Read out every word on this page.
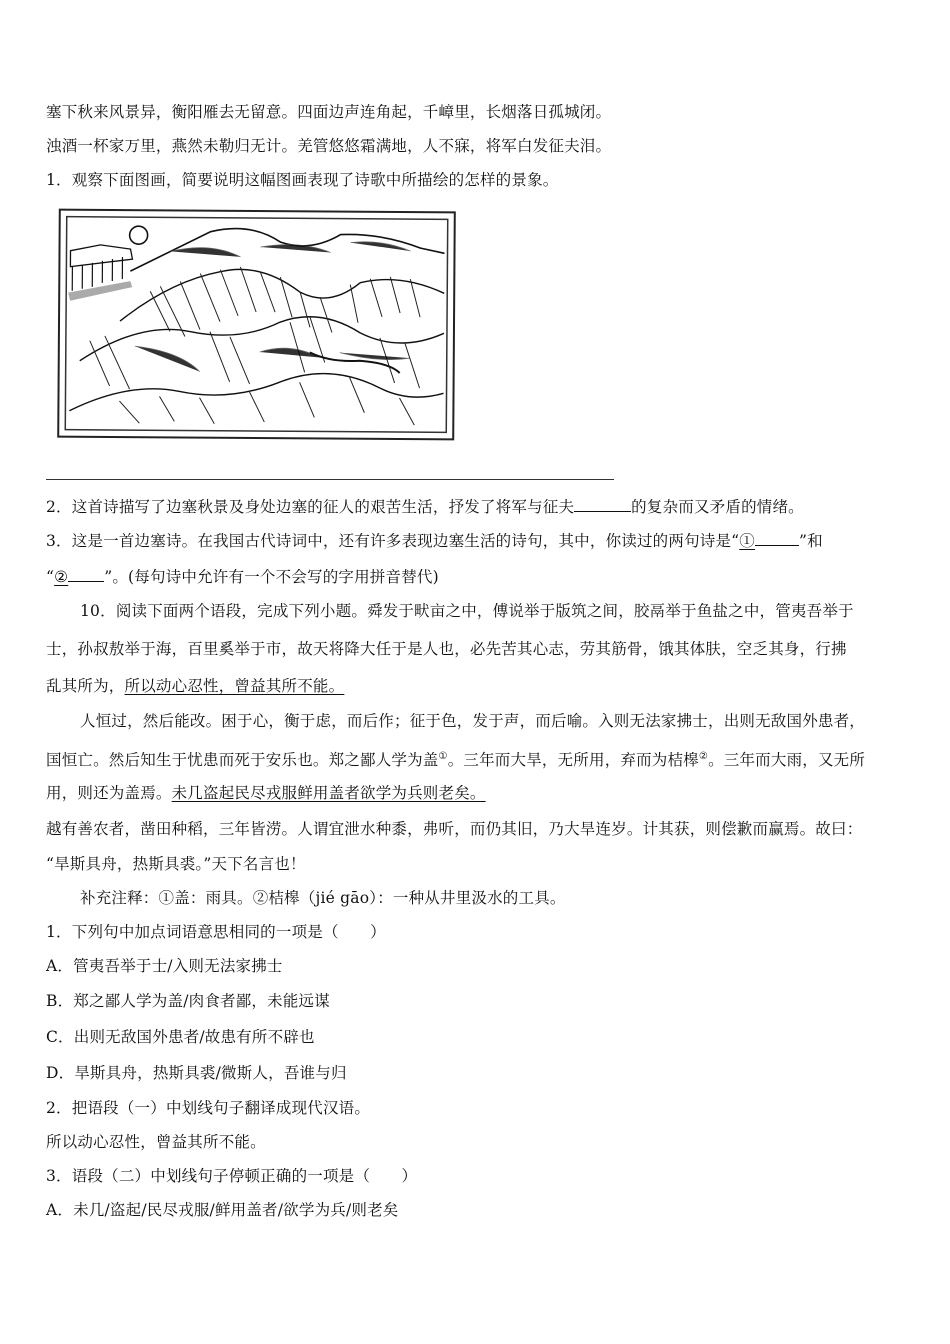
塞下秋来风景异，衡阳雁去无留意。四面边声连角起，千嶂里，长烟落日孤城闭。
浊酒一杯家万里，燕然未勒归无计。羌管悠悠霜满地，人不寐，将军白发征夫泪。
1．观察下面图画，简要说明这幅图画表现了诗歌中所描绘的怎样的景象。
2．这首诗描写了边塞秋景及身处边塞的征人的艰苦生活，抒发了将军与征夫	的复杂而又矛盾的情绪。
3．这是一首边塞诗。在我国古代诗词中，还有许多表现边塞生活的诗句，其中，你读过的两句诗是“①	”和
“② ”。(每句诗中允许有一个不会写的字用拼音替代)
10．阅读下面两个语段，完成下列小题。舜发于畎亩之中，傅说举于版筑之间，胶鬲举于鱼盐之中，管夷吾举于
士，孙叔敖举于海，百里奚举于市，故天将降大任于是人也，必先苦其心志，劳其筋骨，饿其体肤，空乏其身，行拂
乱其所为，所以动心忍性，曾益其所不能。
人恒过，然后能改。困于心，衡于虑，而后作；征于色，发于声，而后喻。入则无法家拂士，出则无敌国外患者，
国恒亡。然后知生于忧患而死于安乐也。郑之鄙人学为盖①。三年而大旱，无所用，弃而为桔槔②。三年而大雨，又无所
用，则还为盖焉。未几盗起民尽戎服鲜用盖者欲学为兵则老矣。
越有善农者，凿田种稻，三年皆涝。人谓宜泄水种黍，弗听，而仍其旧，乃大旱连岁。计其获，则偿歉而赢焉。故曰：
“旱斯具舟，热斯具裘。”天下名言也！
补充注释：①盖：雨具。②桔槔（jié gāo）：一种从井里汲水的工具。
1．下列句中加点词语意思相同的一项是（　　）
A．管夷吾举于士/入则无法家拂士
B．郑之鄙人学为盖/肉食者鄙，未能远谋
C．出则无敌国外患者/故患有所不辟也
D．旱斯具舟，热斯具裘/微斯人，吾谁与归
2．把语段（一）中划线句子翻译成现代汉语。
所以动心忍性，曾益其所不能。
3．语段（二）中划线句子停顿正确的一项是（　　）
A．未几/盗起/民尽戎服/鲜用盖者/欲学为兵/则老矣
